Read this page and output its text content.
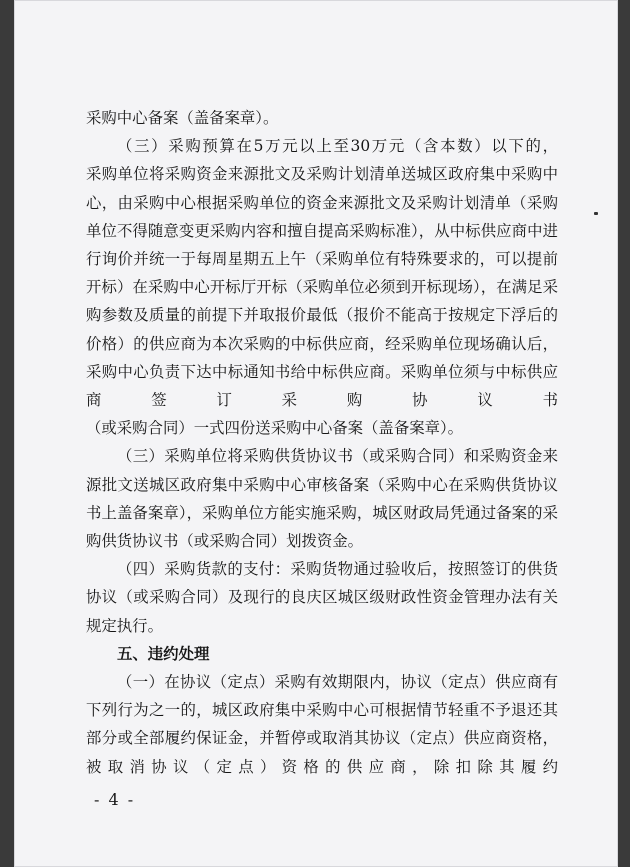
采购中心备案（盖备案章）。

（三）采购预算在5万元以上至30万元（含本数）以下的，

采购单位将采购资金来源批文及采购计划清单送城区政府集中采购中心，由采购中心根据采购单位的资金来源批文及采购计划清单（采购单位不得随意变更采购内容和擅自提高采购标准），从中标供应商中进行询价并统一于每周星期五上午（采购单位有特殊要求的，可以提前开标）在采购中心开标厅开标（采购单位必须到开标现场），在满足采购参数及质量的前提下并取报价最低（报价不能高于按规定下浮后的价格）的供应商为本次采购的中标供应商，经采购单位现场确认后，采购中心负责下达中标通知书给中标供应商。采购单位须与中标供应商签订采购协议书

（或采购合同）一式四份送采购中心备案（盖备案章）。

（三）采购单位将采购供货协议书（或采购合同）和采购资金来源批文送城区政府集中采购中心审核备案（采购中心在采购供货协议书上盖备案章），采购单位方能实施采购，城区财政局凭通过备案的采购供货协议书（或采购合同）划拨资金。

（四）采购货款的支付：采购货物通过验收后，按照签订的供货协议（或采购合同）及现行的良庆区城区级财政性资金管理办法有关规定执行。

五、违约处理

（一）在协议（定点）采购有效期限内，协议（定点）供应商有下列行为之一的，城区政府集中采购中心可根据情节轻重不予退还其部分或全部履约保证金，并暂停或取消其协议（定点）供应商资格，被取消协议（定点）资格的供应商，除扣除其履约

- 4 -
